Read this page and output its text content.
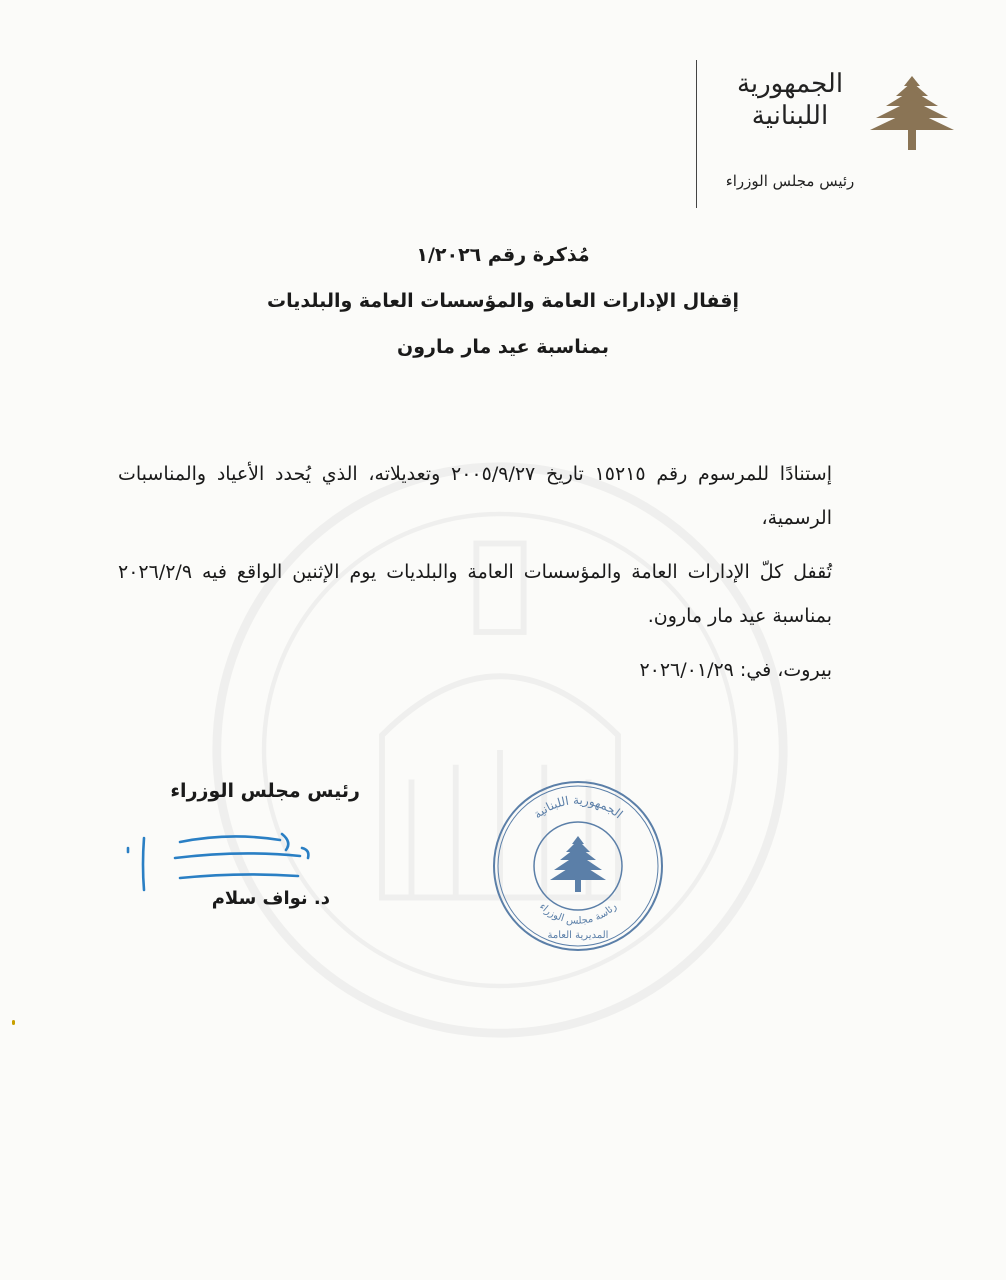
الجمهورية
اللبنانية
رئيس مجلس الوزراء
مُذكرة رقم ١/٢٠٢٦
إقفال الإدارات العامة والمؤسسات العامة والبلديات
بمناسبة عيد مار مارون

إستنادًا للمرسوم رقم ١٥٢١٥ تاريخ ٢٠٠٥/٩/٢٧ وتعديلاته، الذي يُحدد الأعياد والمناسبات الرسمية،

تُقفل كلّ الإدارات العامة والمؤسسات العامة والبلديات يوم الإثنين الواقع فيه ٢٠٢٦/٢/٩ بمناسبة عيد مار مارون.

بيروت، في: ٢٠٢٦/٠١/٢٩

رئيس مجلس الوزراء
د. نواف سلام
الجمهورية اللبنانية
رئاسة مجلس الوزراء
المديرية العامة
